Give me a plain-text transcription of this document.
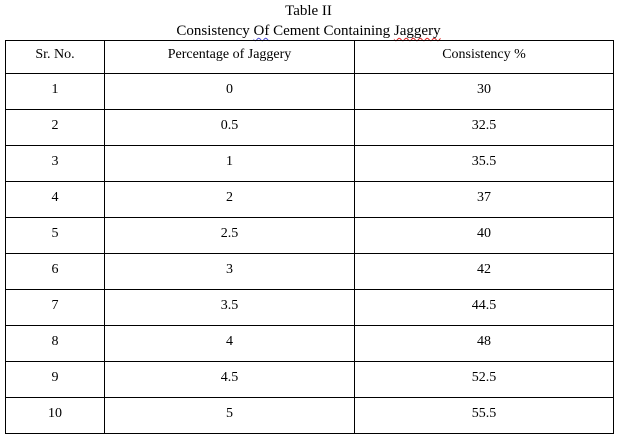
Table II
Consistency Of Cement Containing Jaggery
Sr. No.	Percentage of Jaggery	Consistency %
1	0	30
2	0.5	32.5
3	1	35.5
4	2	37
5	2.5	40
6	3	42
7	3.5	44.5
8	4	48
9	4.5	52.5
10	5	55.5
